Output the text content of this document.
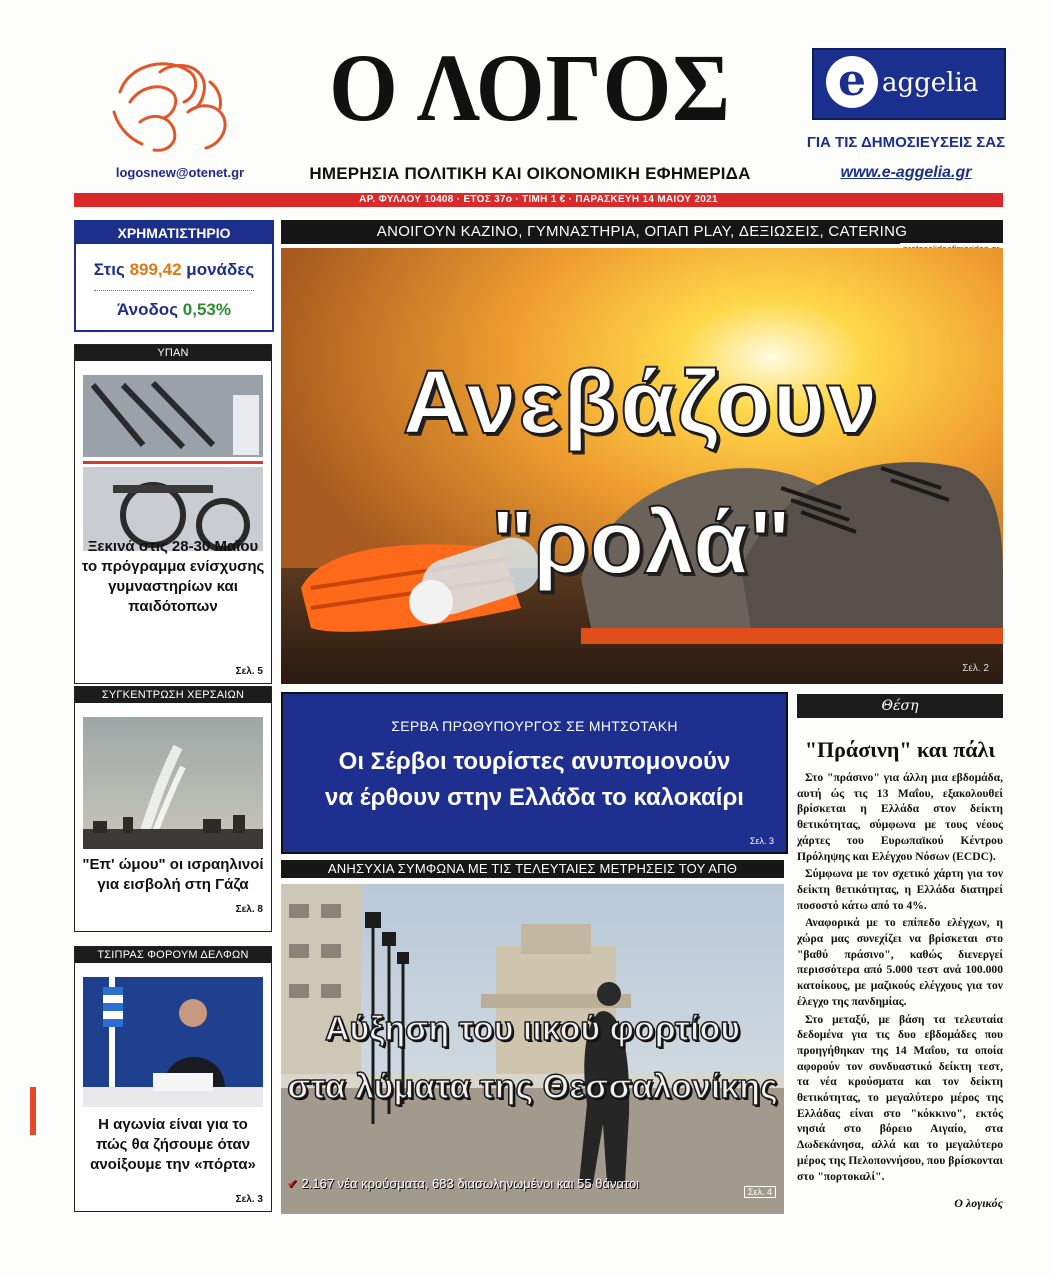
logosnew@otenet.gr
Ο ΛΟΓΟΣ
ΗΜΕΡΗΣΙΑ ΠΟΛΙΤΙΚΗ ΚΑΙ ΟΙΚΟΝΟΜΙΚΗ ΕΦΗΜΕΡΙΔΑ
e aggelia
ΓΙΑ ΤΙΣ ΔΗΜΟΣΙΕΥΣΕΙΣ ΣΑΣ
www.e-aggelia.gr
ΑΡ. ΦΥΛΛΟΥ 10408 · ΕΤΟΣ 37ο · ΤΙΜΗ 1 € · ΠΑΡΑΣΚΕΥΗ 14 ΜΑΙΟΥ 2021
ΧΡΗΜΑΤΙΣΤΗΡΙΟ
Στις 899,42 μονάδες
Άνοδος 0,53%
ΥΠΑΝ
Ξεκινά στις 28-30 Μαΐου το πρόγραμμα ενίσχυσης γυμναστηρίων και παιδότοπων
Σελ. 5
ΣΥΓΚΕΝΤΡΩΣΗ ΧΕΡΣΑΙΩΝ ΔΥΝΑΜΕΩΝ
"Επ' ώμου" οι ισραηλινοί για εισβολή στη Γάζα
Σελ. 8
ΤΣΙΠΡΑΣ ΦΟΡΟΥΜ ΔΕΛΦΩΝ
Η αγωνία είναι για το πώς θα ζήσουμε όταν ανοίξουμε την «πόρτα»
Σελ. 3
ΑΝΟΙΓΟΥΝ ΚΑΖΙΝΟ, ΓΥΜΝΑΣΤΗΡΙΑ, ΟΠΑΠ PLAY, ΔΕΞΙΩΣΕΙΣ, CATERING
Ανεβάζουν
"ρολά"
Σελ. 2
ΣΕΡΒΑ ΠΡΩΘΥΠΟΥΡΓΟΣ ΣΕ ΜΗΤΣΟΤΑΚΗ
Οι Σέρβοι τουρίστες ανυπομονούν
να έρθουν στην Ελλάδα το καλοκαίρι
Σελ. 3
ΑΝΗΣΥΧΙΑ ΣΥΜΦΩΝΑ ΜΕ ΤΙΣ ΤΕΛΕΥΤΑΙΕΣ ΜΕΤΡΗΣΕΙΣ ΤΟΥ ΑΠΘ
Αύξηση του ιικού φορτίου
στα λύματα της Θεσσαλονίκης
✔ 2.167 νέα κρούσματα, 683 διασωληνωμένοι και 55 θάνατοι
Σελ. 4
Θέση
"Πράσινη" και πάλι

Στο "πράσινο" για άλλη μια εβδομάδα, αυτή ώς τις 13 Μαΐου, εξακολουθεί βρίσκεται η Ελλάδα στον δείκτη θετικότητας, σύμφωνα με τους νέους χάρτες του Ευρωπαϊκού Κέντρου Πρόληψης και Ελέγχου Νόσων (ECDC).

Σύμφωνα με τον σχετικό χάρτη για τον δείκτη θετικότητας, η Ελλάδα διατηρεί ποσοστό κάτω από το 4%.

Αναφορικά με το επίπεδο ελέγχων, η χώρα μας συνεχίζει να βρίσκεται στο "βαθύ πράσινο", καθώς διενεργεί περισσότερα από 5.000 τεστ ανά 100.000 κατοίκους, με μαζικούς ελέγχους για τον έλεγχο της πανδημίας.

Στο μεταξύ, με βάση τα τελευταία δεδομένα για τις δυο εβδομάδες που προηγήθηκαν της 14 Μαΐου, τα οποία αφορούν τον συνδυαστικό δείκτη τεστ, τα νέα κρούσματα και τον δείκτη θετικότητας, το μεγαλύτερο μέρος της Ελλάδας είναι στο "κόκκινο", εκτός νησιά στο βόρειο Αιγαίο, στα Δωδεκάνησα, αλλά και το μεγαλύτερο μέρος της Πελοποννήσου, που βρίσκονται στο "πορτοκαλί".

Ο λογικός
